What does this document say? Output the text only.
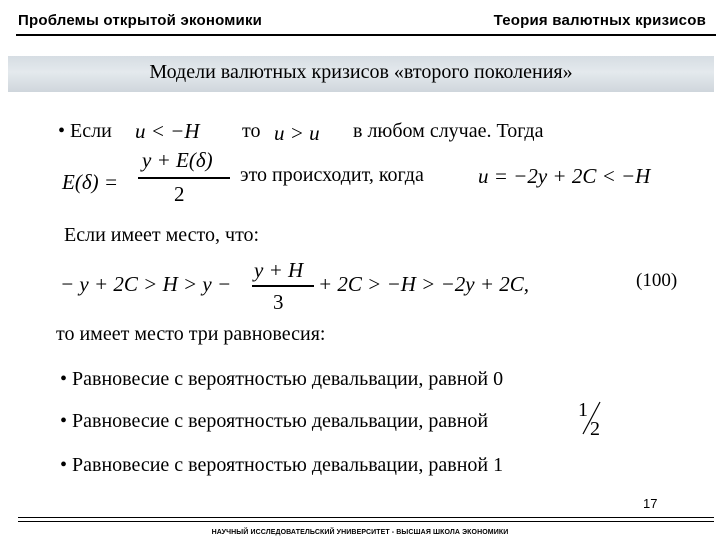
Проблемы открытой экономики	Теория валютных кризисов
Модели валютных кризисов «второго поколения»
• Если u < −H то u > u в любом случае. Тогда
E(δ) =
y + E(δ)
2
это происходит, когда	u = −2y + 2C < −H
Если имеет место, что:
− y + 2C > H > y −
y + H
3
+ 2C > −H > −2y + 2C,	(100)
то имеет место три равновесия:
• Равновесие с вероятностью девальвации, равной 0
• Равновесие с вероятностью девальвации, равной	1
2
• Равновесие с вероятностью девальвации, равной 1
17
НАУЧНЫЙ ИССЛЕДОВАТЕЛЬСКИЙ УНИВЕРСИТЕТ - ВЫСШАЯ ШКОЛА ЭКОНОМИКИ
